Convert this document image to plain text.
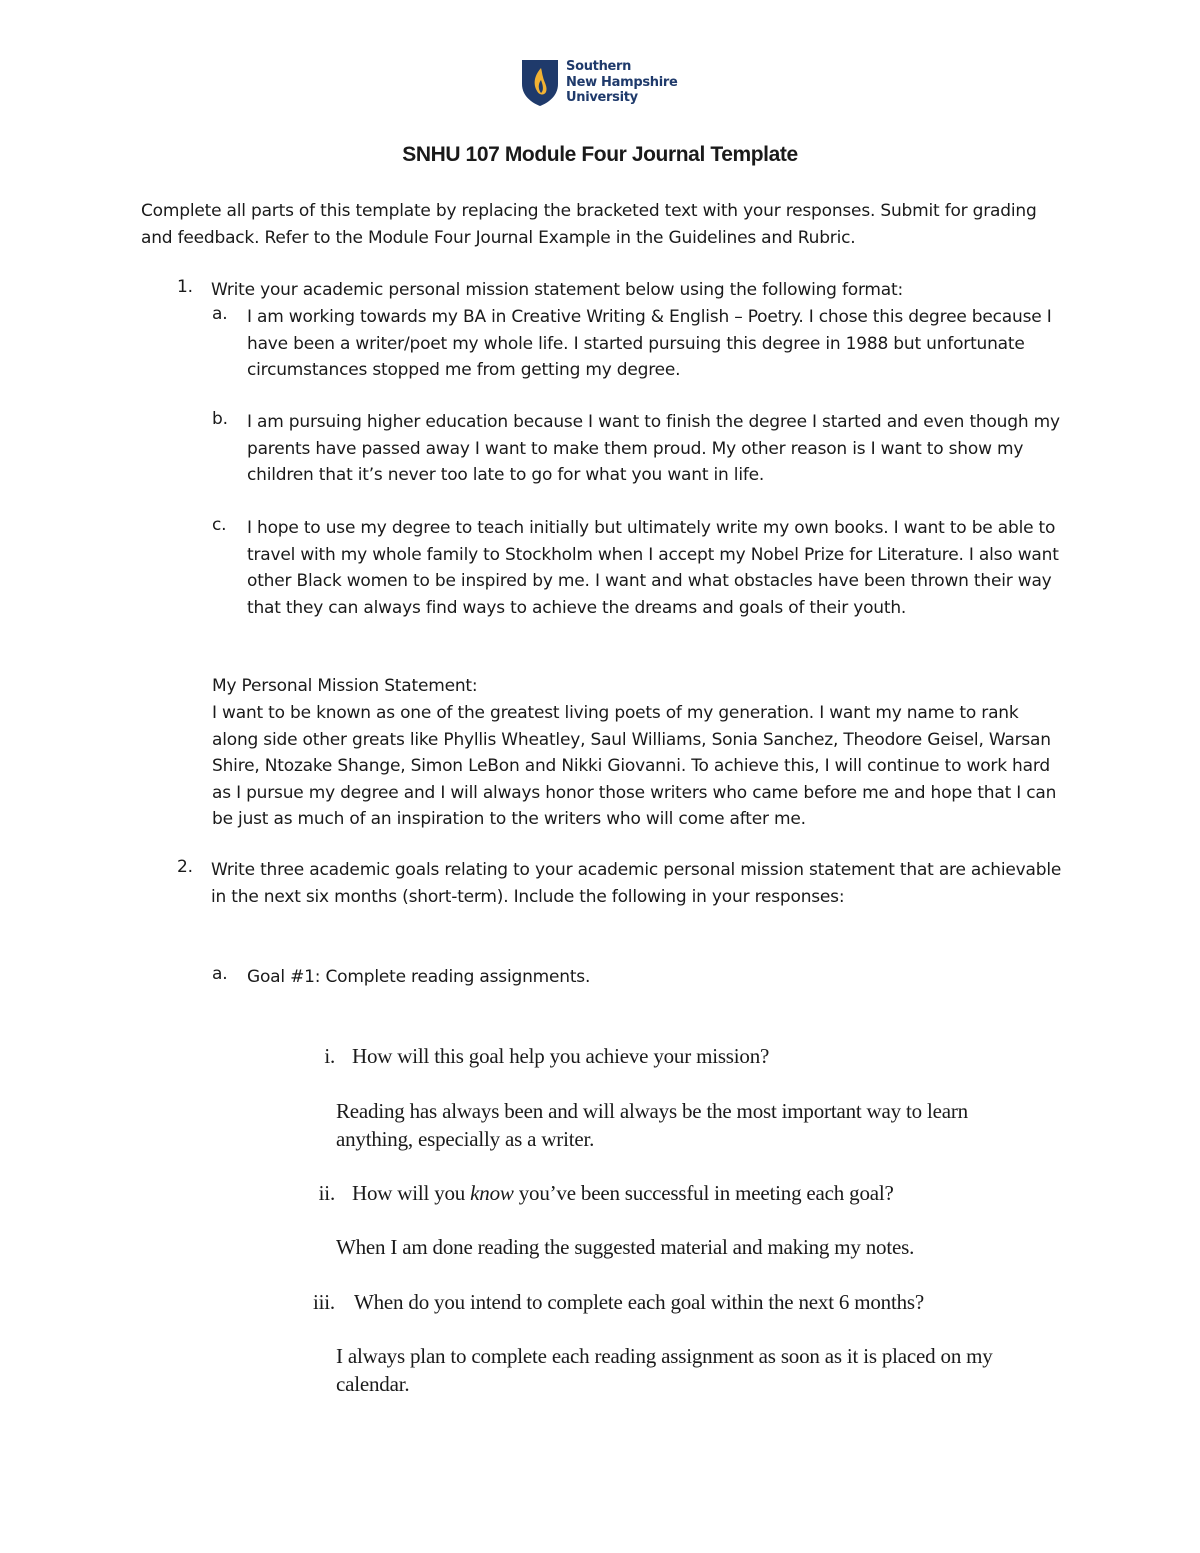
Southern
New Hampshire
University
SNHU 107 Module Four Journal Template
Complete all parts of this template by replacing the bracketed text with your responses. Submit for grading and feedback. Refer to the Module Four Journal Example in the Guidelines and Rubric.
1. Write your academic personal mission statement below using the following format:
a. I am working towards my BA in Creative Writing & English – Poetry. I chose this degree because I have been a writer/poet my whole life. I started pursuing this degree in 1988 but unfortunate circumstances stopped me from getting my degree.
b. I am pursuing higher education because I want to finish the degree I started and even though my parents have passed away I want to make them proud. My other reason is I want to show my children that it’s never too late to go for what you want in life.
c. I hope to use my degree to teach initially but ultimately write my own books. I want to be able to travel with my whole family to Stockholm when I accept my Nobel Prize for Literature. I also want other Black women to be inspired by me. I want and what obstacles have been thrown their way that they can always find ways to achieve the dreams and goals of their youth.
My Personal Mission Statement:
I want to be known as one of the greatest living poets of my generation. I want my name to rank along side other greats like Phyllis Wheatley, Saul Williams, Sonia Sanchez, Theodore Geisel, Warsan Shire, Ntozake Shange, Simon LeBon and Nikki Giovanni. To achieve this, I will continue to work hard as I pursue my degree and I will always honor those writers who came before me and hope that I can be just as much of an inspiration to the writers who will come after me.
2. Write three academic goals relating to your academic personal mission statement that are achievable in the next six months (short-term). Include the following in your responses:
a. Goal #1: Complete reading assignments.
i. How will this goal help you achieve your mission?
Reading has always been and will always be the most important way to learn anything, especially as a writer.
ii. How will you know you’ve been successful in meeting each goal?
When I am done reading the suggested material and making my notes.
iii. When do you intend to complete each goal within the next 6 months?
I always plan to complete each reading assignment as soon as it is placed on my calendar.
